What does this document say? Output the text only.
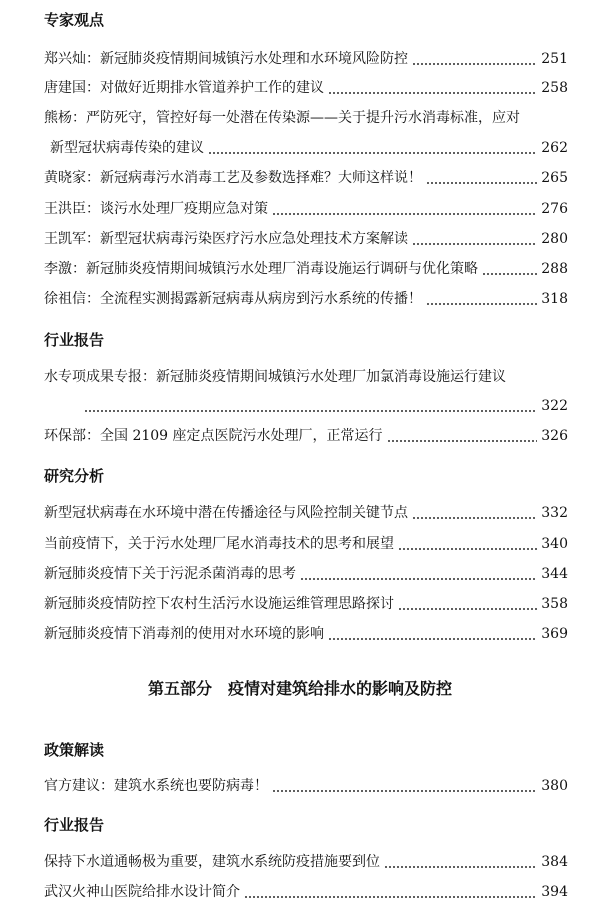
专家观点
郑兴灿：新冠肺炎疫情期间城镇污水处理和水环境风险防控	251
唐建国：对做好近期排水管道养护工作的建议	258
熊杨：严防死守，管控好每一处潜在传染源——关于提升污水消毒标准，应对
新型冠状病毒传染的建议	262
黄晓家：新冠病毒污水消毒工艺及参数选择难？大师这样说！	265
王洪臣：谈污水处理厂疫期应急对策	276
王凯军：新型冠状病毒污染医疗污水应急处理技术方案解读	280
李激：新冠肺炎疫情期间城镇污水处理厂消毒设施运行调研与优化策略	288
徐祖信：全流程实测揭露新冠病毒从病房到污水系统的传播！	318
行业报告
水专项成果专报：新冠肺炎疫情期间城镇污水处理厂加氯消毒设施运行建议
322
环保部：全国 2109 座定点医院污水处理厂，正常运行	326
研究分析
新型冠状病毒在水环境中潜在传播途径与风险控制关键节点	332
当前疫情下，关于污水处理厂尾水消毒技术的思考和展望	340
新冠肺炎疫情下关于污泥杀菌消毒的思考	344
新冠肺炎疫情防控下农村生活污水设施运维管理思路探讨	358
新冠肺炎疫情下消毒剂的使用对水环境的影响	369
第五部分　疫情对建筑给排水的影响及防控
政策解读
官方建议：建筑水系统也要防病毒！	380
行业报告
保持下水道通畅极为重要，建筑水系统防疫措施要到位	384
武汉火神山医院给排水设计简介	394
